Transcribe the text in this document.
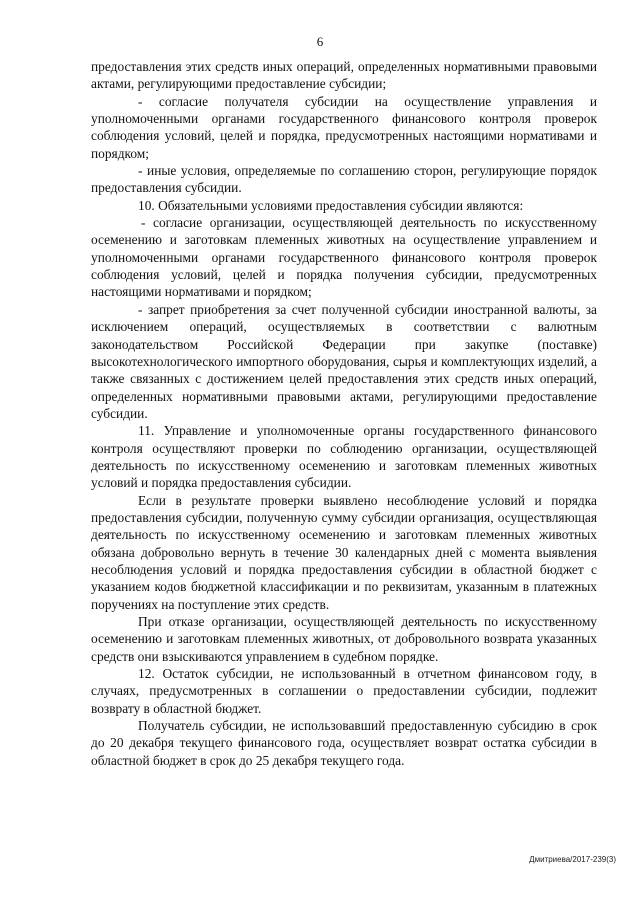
6

предоставления этих средств иных операций, определенных нормативными правовыми актами, регулирующими предоставление субсидии;

- согласие получателя субсидии на осуществление управления и уполномоченными органами государственного финансового контроля проверок соблюдения условий, целей и порядка, предусмотренных настоящими нормативами и порядком;

- иные условия, определяемые по соглашению сторон, регулирующие порядок предоставления субсидии.

10. Обязательными условиями предоставления субсидии являются:

- согласие организации, осуществляющей деятельность по искусственному осеменению и заготовкам племенных животных на осуществление управлением и уполномоченными органами государственного финансового контроля проверок соблюдения условий, целей и порядка получения субсидии, предусмотренных настоящими нормативами и порядком;

- запрет приобретения за счет полученной субсидии иностранной валюты, за исключением операций, осуществляемых в соответствии с валютным законодательством Российской Федерации при закупке (поставке) высокотехнологического импортного оборудования, сырья и комплектующих изделий, а также связанных с достижением целей предоставления этих средств иных операций, определенных нормативными правовыми актами, регулирующими предоставление субсидии.

11. Управление и уполномоченные органы государственного финансового контроля осуществляют проверки по соблюдению организации, осуществляющей деятельность по искусственному осеменению и заготовкам племенных животных условий и порядка предоставления субсидии.

Если в результате проверки выявлено несоблюдение условий и порядка предоставления субсидии, полученную сумму субсидии организация, осуществляющая деятельность по искусственному осеменению и заготовкам племенных животных обязана добровольно вернуть в течение 30 календарных дней с момента выявления несоблюдения условий и порядка предоставления субсидии в областной бюджет с указанием кодов бюджетной классификации и по реквизитам, указанным в платежных поручениях на поступление этих средств.

При отказе организации, осуществляющей деятельность по искусственному осеменению и заготовкам племенных животных, от добровольного возврата указанных средств они взыскиваются управлением в судебном порядке.

12. Остаток субсидии, не использованный в отчетном финансовом году, в случаях, предусмотренных в соглашении о предоставлении субсидии, подлежит возврату в областной бюджет.

Получатель субсидии, не использовавший предоставленную субсидию в срок до 20 декабря текущего финансового года, осуществляет возврат остатка субсидии в областной бюджет в срок до 25 декабря текущего года.

Дмитриева/2017-239(3)
